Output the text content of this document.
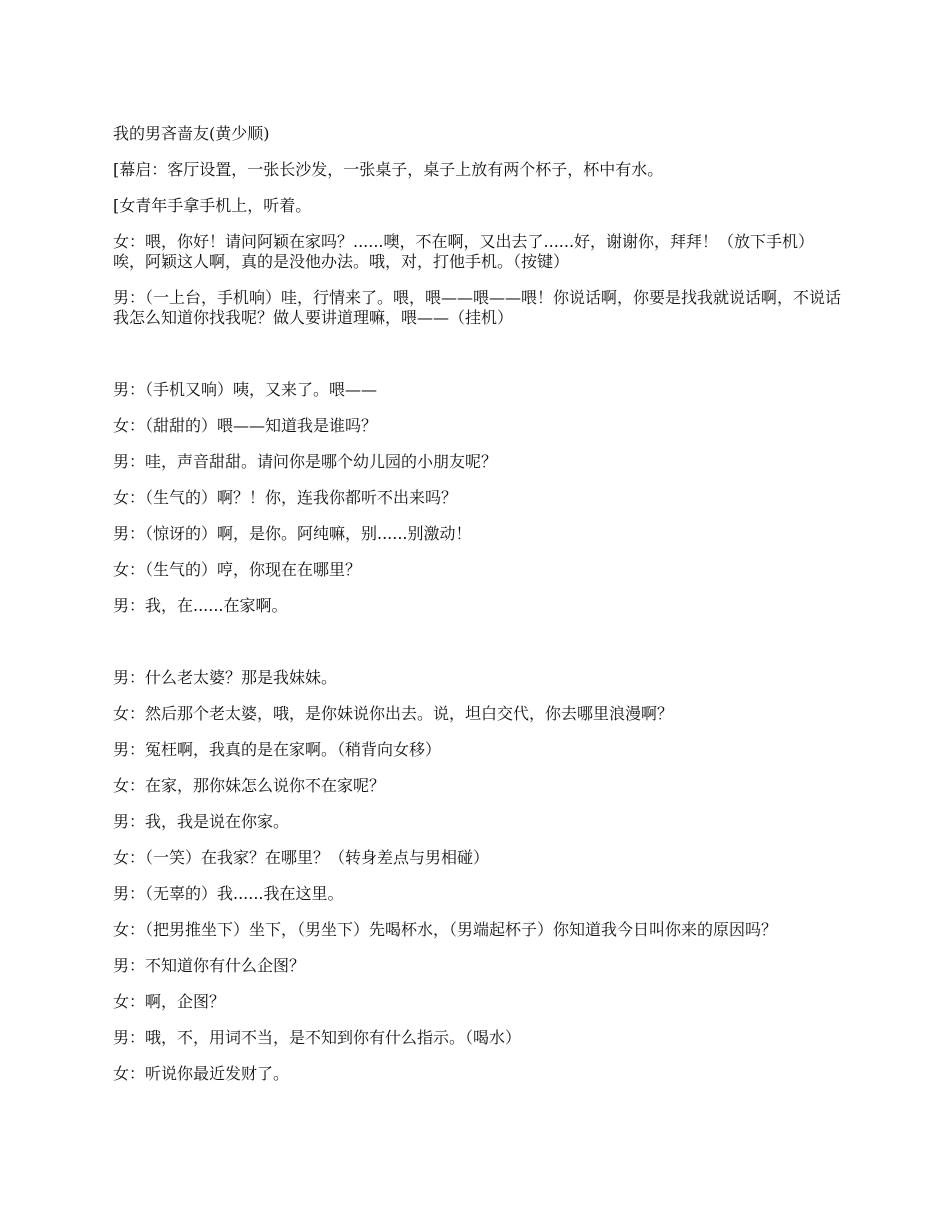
我的男吝啬友(黄少顺)

[幕启：客厅设置，一张长沙发，一张桌子，桌子上放有两个杯子，杯中有水。

[女青年手拿手机上，听着。

女：喂，你好！请问阿颖在家吗？......噢，不在啊，又出去了......好，谢谢你，拜拜！（放下手机）唉，阿颖这人啊，真的是没他办法。哦，对，打他手机。（按键）

男：（一上台，手机响）哇，行情来了。喂，喂——喂——喂！你说话啊，你要是找我就说话啊，不说话我怎么知道你找我呢？做人要讲道理嘛，喂——（挂机）

男：（手机又响）咦，又来了。喂——

女：（甜甜的）喂——知道我是谁吗？

男：哇，声音甜甜。请问你是哪个幼儿园的小朋友呢？

女：（生气的）啊？！你，连我你都听不出来吗？

男：（惊讶的）啊，是你。阿纯嘛，别......别激动！

女：（生气的）哼，你现在在哪里？

男：我，在......在家啊。

男：什么老太婆？那是我妹妹。

女：然后那个老太婆，哦，是你妹说你出去。说，坦白交代，你去哪里浪漫啊？

男：冤枉啊，我真的是在家啊。（稍背向女移）

女：在家，那你妹怎么说你不在家呢？

男：我，我是说在你家。

女：（一笑）在我家？在哪里？（转身差点与男相碰）

男：（无辜的）我......我在这里。

女：（把男推坐下）坐下，（男坐下）先喝杯水，（男端起杯子）你知道我今日叫你来的原因吗？

男：不知道你有什么企图？

女：啊，企图？

男：哦，不，用词不当，是不知到你有什么指示。（喝水）

女：听说你最近发财了。
